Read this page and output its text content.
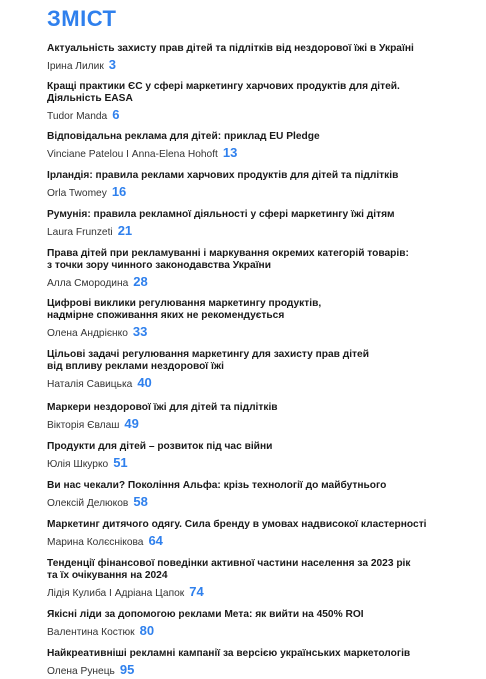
ЗМІСТ
Актуальність захисту прав дітей та підлітків від нездорової їжі в Україні
Ірина Лилик 3
Кращі практики ЄС у сфері маркетингу харчових продуктів для дітей.
Діяльність EASA
Tudor Manda 6
Відповідальна реклама для дітей: приклад EU Pledge
Vinciane Patelou І Anna-Elena Hohoft 13
Ірландія: правила реклами харчових продуктів для дітей та підлітків
Orla Twomey 16
Румунія: правила рекламної діяльності у сфері маркетингу їжі дітям
Laura Frunzeti 21
Права дітей при рекламуванні і маркування окремих категорій товарів:
з точки зору чинного законодавства України
Алла Смородина 28
Цифрові виклики регулювання маркетингу продуктів,
надмірне споживання яких не рекомендується
Олена Андрієнко 33
Цільові задачі регулювання маркетингу для захисту прав дітей
від впливу реклами нездорової їжі
Наталія Савицька 40
Маркери нездорової їжі для дітей та підлітків
Вікторія Євлаш 49
Продукти для дітей – розвиток під час війни
Юлія Шкурко 51
Ви нас чекали? Покоління Альфа: крізь технології до майбутнього
Олексій Делюков 58
Маркетинг дитячого одягу. Сила бренду в умовах надвисокої кластерності
Марина Колєснікова 64
Тенденції фінансової поведінки активної частини населення за 2023 рік
та їх очікування на 2024
Лідія Кулиба І Адріана Цапок 74
Якісні ліди за допомогою реклами Мета: як вийти на 450% ROI
Валентина Костюк 80
Найкреативніші рекламні кампанії за версією українських маркетологів
Олена Рунець 95
